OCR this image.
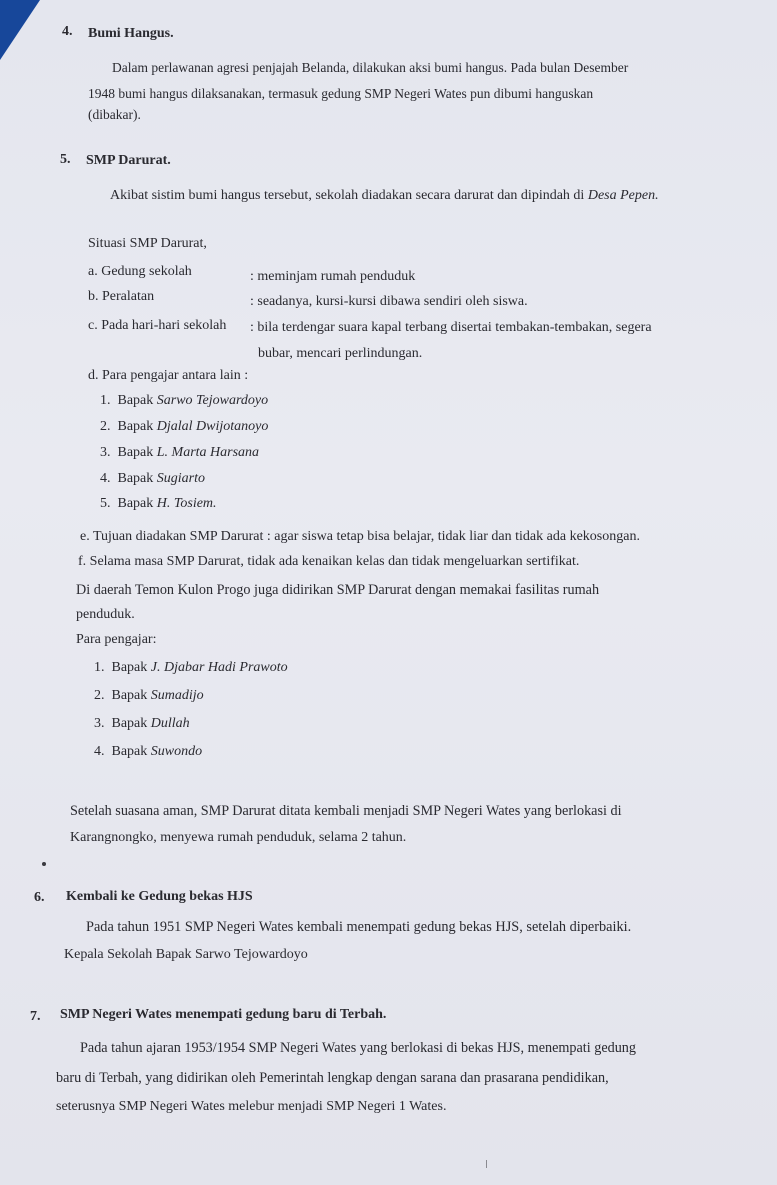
4. Bumi Hangus.

Dalam perlawanan agresi penjajah Belanda, dilakukan aksi bumi hangus. Pada bulan Desember

1948 bumi hangus dilaksanakan, termasuk gedung SMP Negeri Wates pun dibumi hanguskan

(dibakar).

5. SMP Darurat.

Akibat sistim bumi hangus tersebut, sekolah diadakan secara darurat dan dipindah di Desa Pepen.

Situasi SMP Darurat,

a. Gedung sekolah	: meminjam rumah penduduk

b. Peralatan	: seadanya, kursi-kursi dibawa sendiri oleh siswa.

c. Pada hari-hari sekolah : bila terdengar suara kapal terbang disertai tembakan-tembakan, segera

bubar, mencari perlindungan.

d. Para pengajar antara lain :

1. Bapak Sarwo Tejowardoyo

2. Bapak Djalal Dwijotanoyo

3. Bapak L. Marta Harsana

4. Bapak Sugiarto

5. Bapak H. Tosiem.

e. Tujuan diadakan SMP Darurat : agar siswa tetap bisa belajar, tidak liar dan tidak ada kekosongan.

f. Selama masa SMP Darurat, tidak ada kenaikan kelas dan tidak mengeluarkan sertifikat.

Di daerah Temon Kulon Progo juga didirikan SMP Darurat dengan memakai fasilitas rumah

penduduk.

Para pengajar:

1. Bapak J. Djabar Hadi Prawoto

2. Bapak Sumadijo

3. Bapak Dullah

4. Bapak Suwondo

Setelah suasana aman, SMP Darurat ditata kembali menjadi SMP Negeri Wates yang berlokasi di

Karangnongko, menyewa rumah penduduk, selama 2 tahun.

6. Kembali ke Gedung bekas HJS

Pada tahun 1951 SMP Negeri Wates kembali menempati gedung bekas HJS, setelah diperbaiki.

Kepala Sekolah Bapak Sarwo Tejowardoyo

7. SMP Negeri Wates menempati gedung baru di Terbah.

Pada tahun ajaran 1953/1954 SMP Negeri Wates yang berlokasi di bekas HJS, menempati gedung

baru di Terbah, yang didirikan oleh Pemerintah lengkap dengan sarana dan prasarana pendidikan,

seterusnya SMP Negeri Wates melebur menjadi SMP Negeri 1 Wates.
